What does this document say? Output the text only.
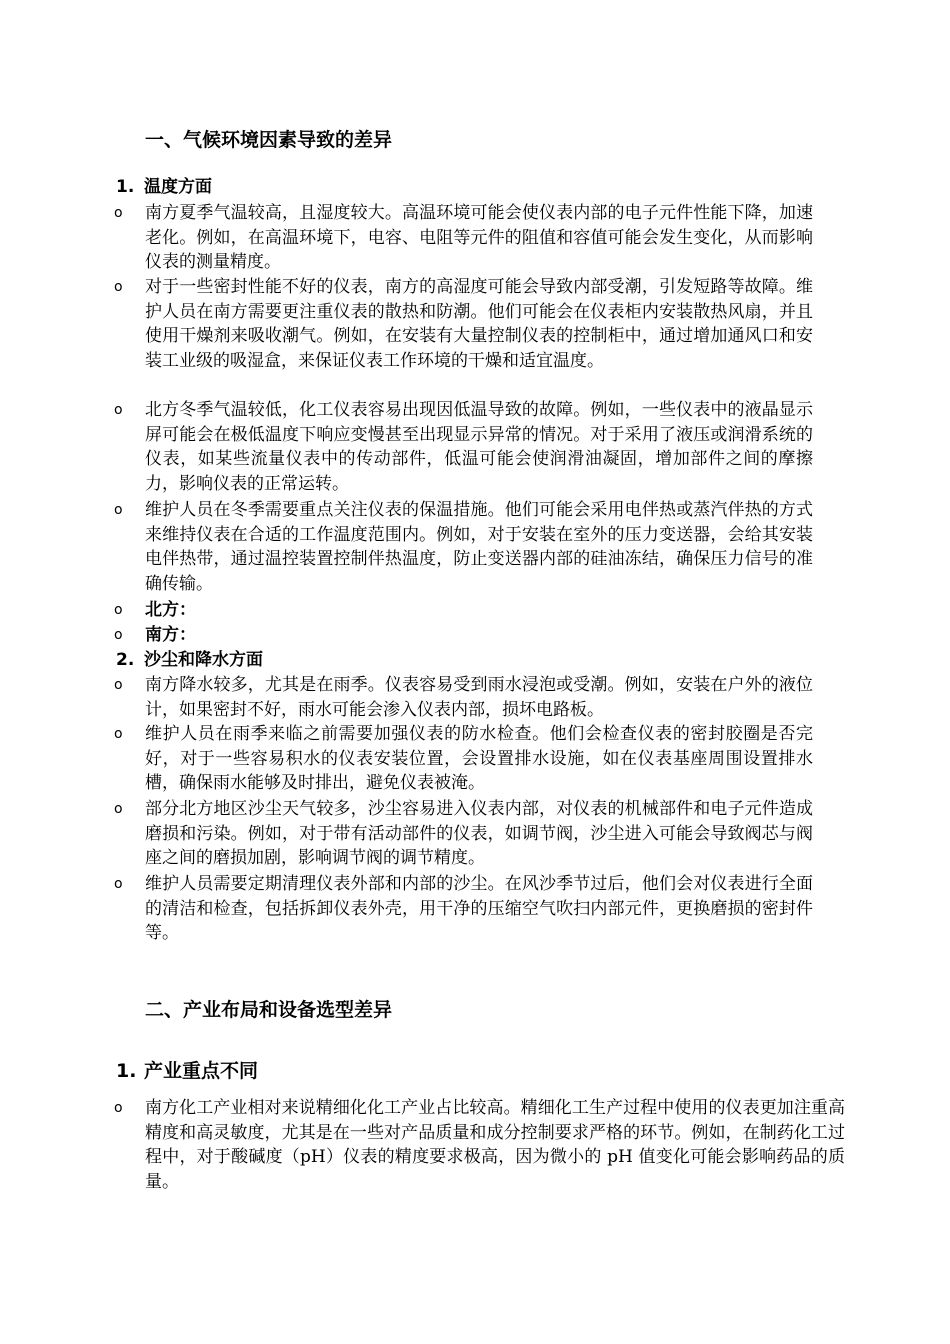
一、气候环境因素导致的差异
1. 温度方面
o 南方夏季气温较高，且湿度较大。高温环境可能会使仪表内部的电子元件性能下降，加速老化。例如，在高温环境下，电容、电阻等元件的阻值和容值可能会发生变化，从而影响仪表的测量精度。
o 对于一些密封性能不好的仪表，南方的高湿度可能会导致内部受潮，引发短路等故障。维护人员在南方需要更注重仪表的散热和防潮。他们可能会在仪表柜内安装散热风扇，并且使用干燥剂来吸收潮气。例如，在安装有大量控制仪表的控制柜中，通过增加通风口和安装工业级的吸湿盒，来保证仪表工作环境的干燥和适宜温度。
o 北方冬季气温较低，化工仪表容易出现因低温导致的故障。例如，一些仪表中的液晶显示屏可能会在极低温度下响应变慢甚至出现显示异常的情况。对于采用了液压或润滑系统的仪表，如某些流量仪表中的传动部件，低温可能会使润滑油凝固，增加部件之间的摩擦力，影响仪表的正常运转。
o 维护人员在冬季需要重点关注仪表的保温措施。他们可能会采用电伴热或蒸汽伴热的方式来维持仪表在合适的工作温度范围内。例如，对于安装在室外的压力变送器，会给其安装电伴热带，通过温控装置控制伴热温度，防止变送器内部的硅油冻结，确保压力信号的准确传输。
o 北方：
o 南方：
2. 沙尘和降水方面
o 南方降水较多，尤其是在雨季。仪表容易受到雨水浸泡或受潮。例如，安装在户外的液位计，如果密封不好，雨水可能会渗入仪表内部，损坏电路板。
o 维护人员在雨季来临之前需要加强仪表的防水检查。他们会检查仪表的密封胶圈是否完好，对于一些容易积水的仪表安装位置，会设置排水设施，如在仪表基座周围设置排水槽，确保雨水能够及时排出，避免仪表被淹。
o 部分北方地区沙尘天气较多，沙尘容易进入仪表内部，对仪表的机械部件和电子元件造成磨损和污染。例如，对于带有活动部件的仪表，如调节阀，沙尘进入可能会导致阀芯与阀座之间的磨损加剧，影响调节阀的调节精度。
o 维护人员需要定期清理仪表外部和内部的沙尘。在风沙季节过后，他们会对仪表进行全面的清洁和检查，包括拆卸仪表外壳，用干净的压缩空气吹扫内部元件，更换磨损的密封件等。
二、产业布局和设备选型差异
1. 产业重点不同
o 南方化工产业相对来说精细化化工产业占比较高。精细化工生产过程中使用的仪表更加注重高精度和高灵敏度，尤其是在一些对产品质量和成分控制要求严格的环节。例如，在制药化工过程中，对于酸碱度（pH）仪表的精度要求极高，因为微小的 pH 值变化可能会影响药品的质量。
